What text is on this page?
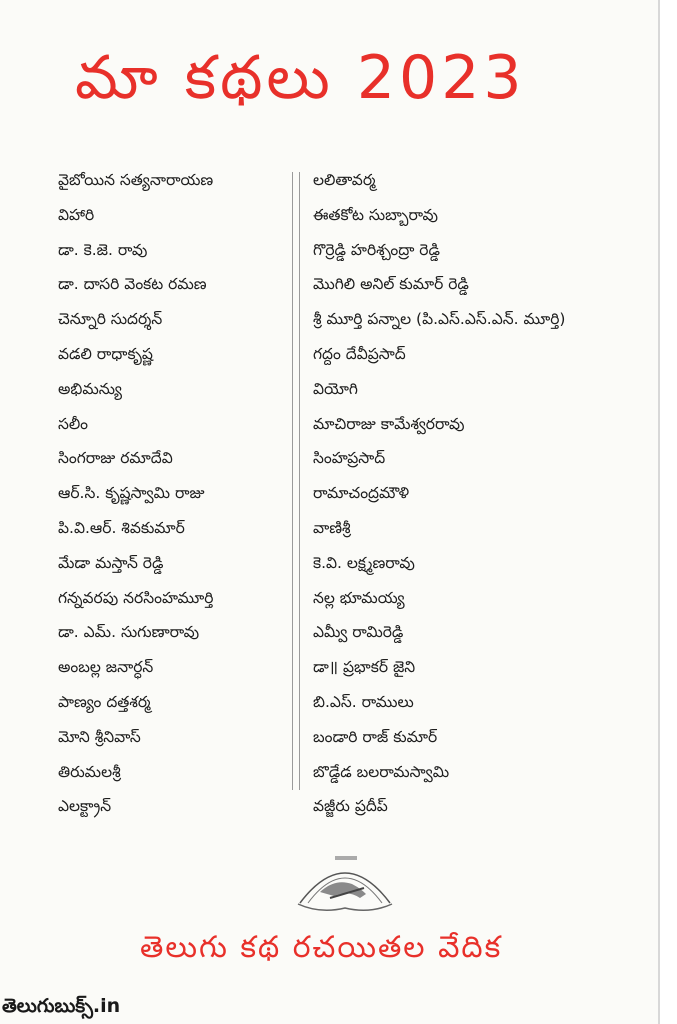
మా కథలు 2023
వైబోయిన సత్యనారాయణ
విహారి
డా. కె.జె. రావు
డా. దాసరి వెంకట రమణ
చెన్నూరి సుదర్శన్
వడలి రాధాకృష్ణ
అభిమన్యు
సలీం
సింగరాజు రమాదేవి
ఆర్.సి. కృష్ణస్వామి రాజు
పి.వి.ఆర్. శివకుమార్
మేడా మస్తాన్ రెడ్డి
గన్నవరపు నరసింహమూర్తి
డా. ఎమ్. సుగుణారావు
అంబల్ల జనార్ధన్
పాణ్యం దత్తశర్మ
మోని శ్రీనివాస్
తిరుమలశ్రీ
ఎలక్ట్రాన్
లలితావర్మ
ఈతకోట సుబ్బారావు
గొర్రెడ్డి హరిశ్చంద్రా రెడ్డి
మొగిలి అనిల్ కుమార్ రెడ్డి
శ్రీ మూర్తి పన్నాల (పి.ఎస్.ఎస్.ఎన్. మూర్తి)
గద్దం దేవీప్రసాద్
వియోగి
మాచిరాజు కామేశ్వరరావు
సింహప్రసాద్
రామాచంద్రమౌళి
వాణిశ్రీ
కె.వి. లక్ష్మణరావు
నల్ల భూమయ్య
ఎమ్వీ రామిరెడ్డి
డా॥ ప్రభాకర్ జైని
బి.ఎస్. రాములు
బండారి రాజ్ కుమార్
బొడ్డేడ బలరామస్వామి
వజ్జీరు ప్రదీప్
తెలుగు కథ రచయితల వేదిక
తెలుగుబుక్స్.in
